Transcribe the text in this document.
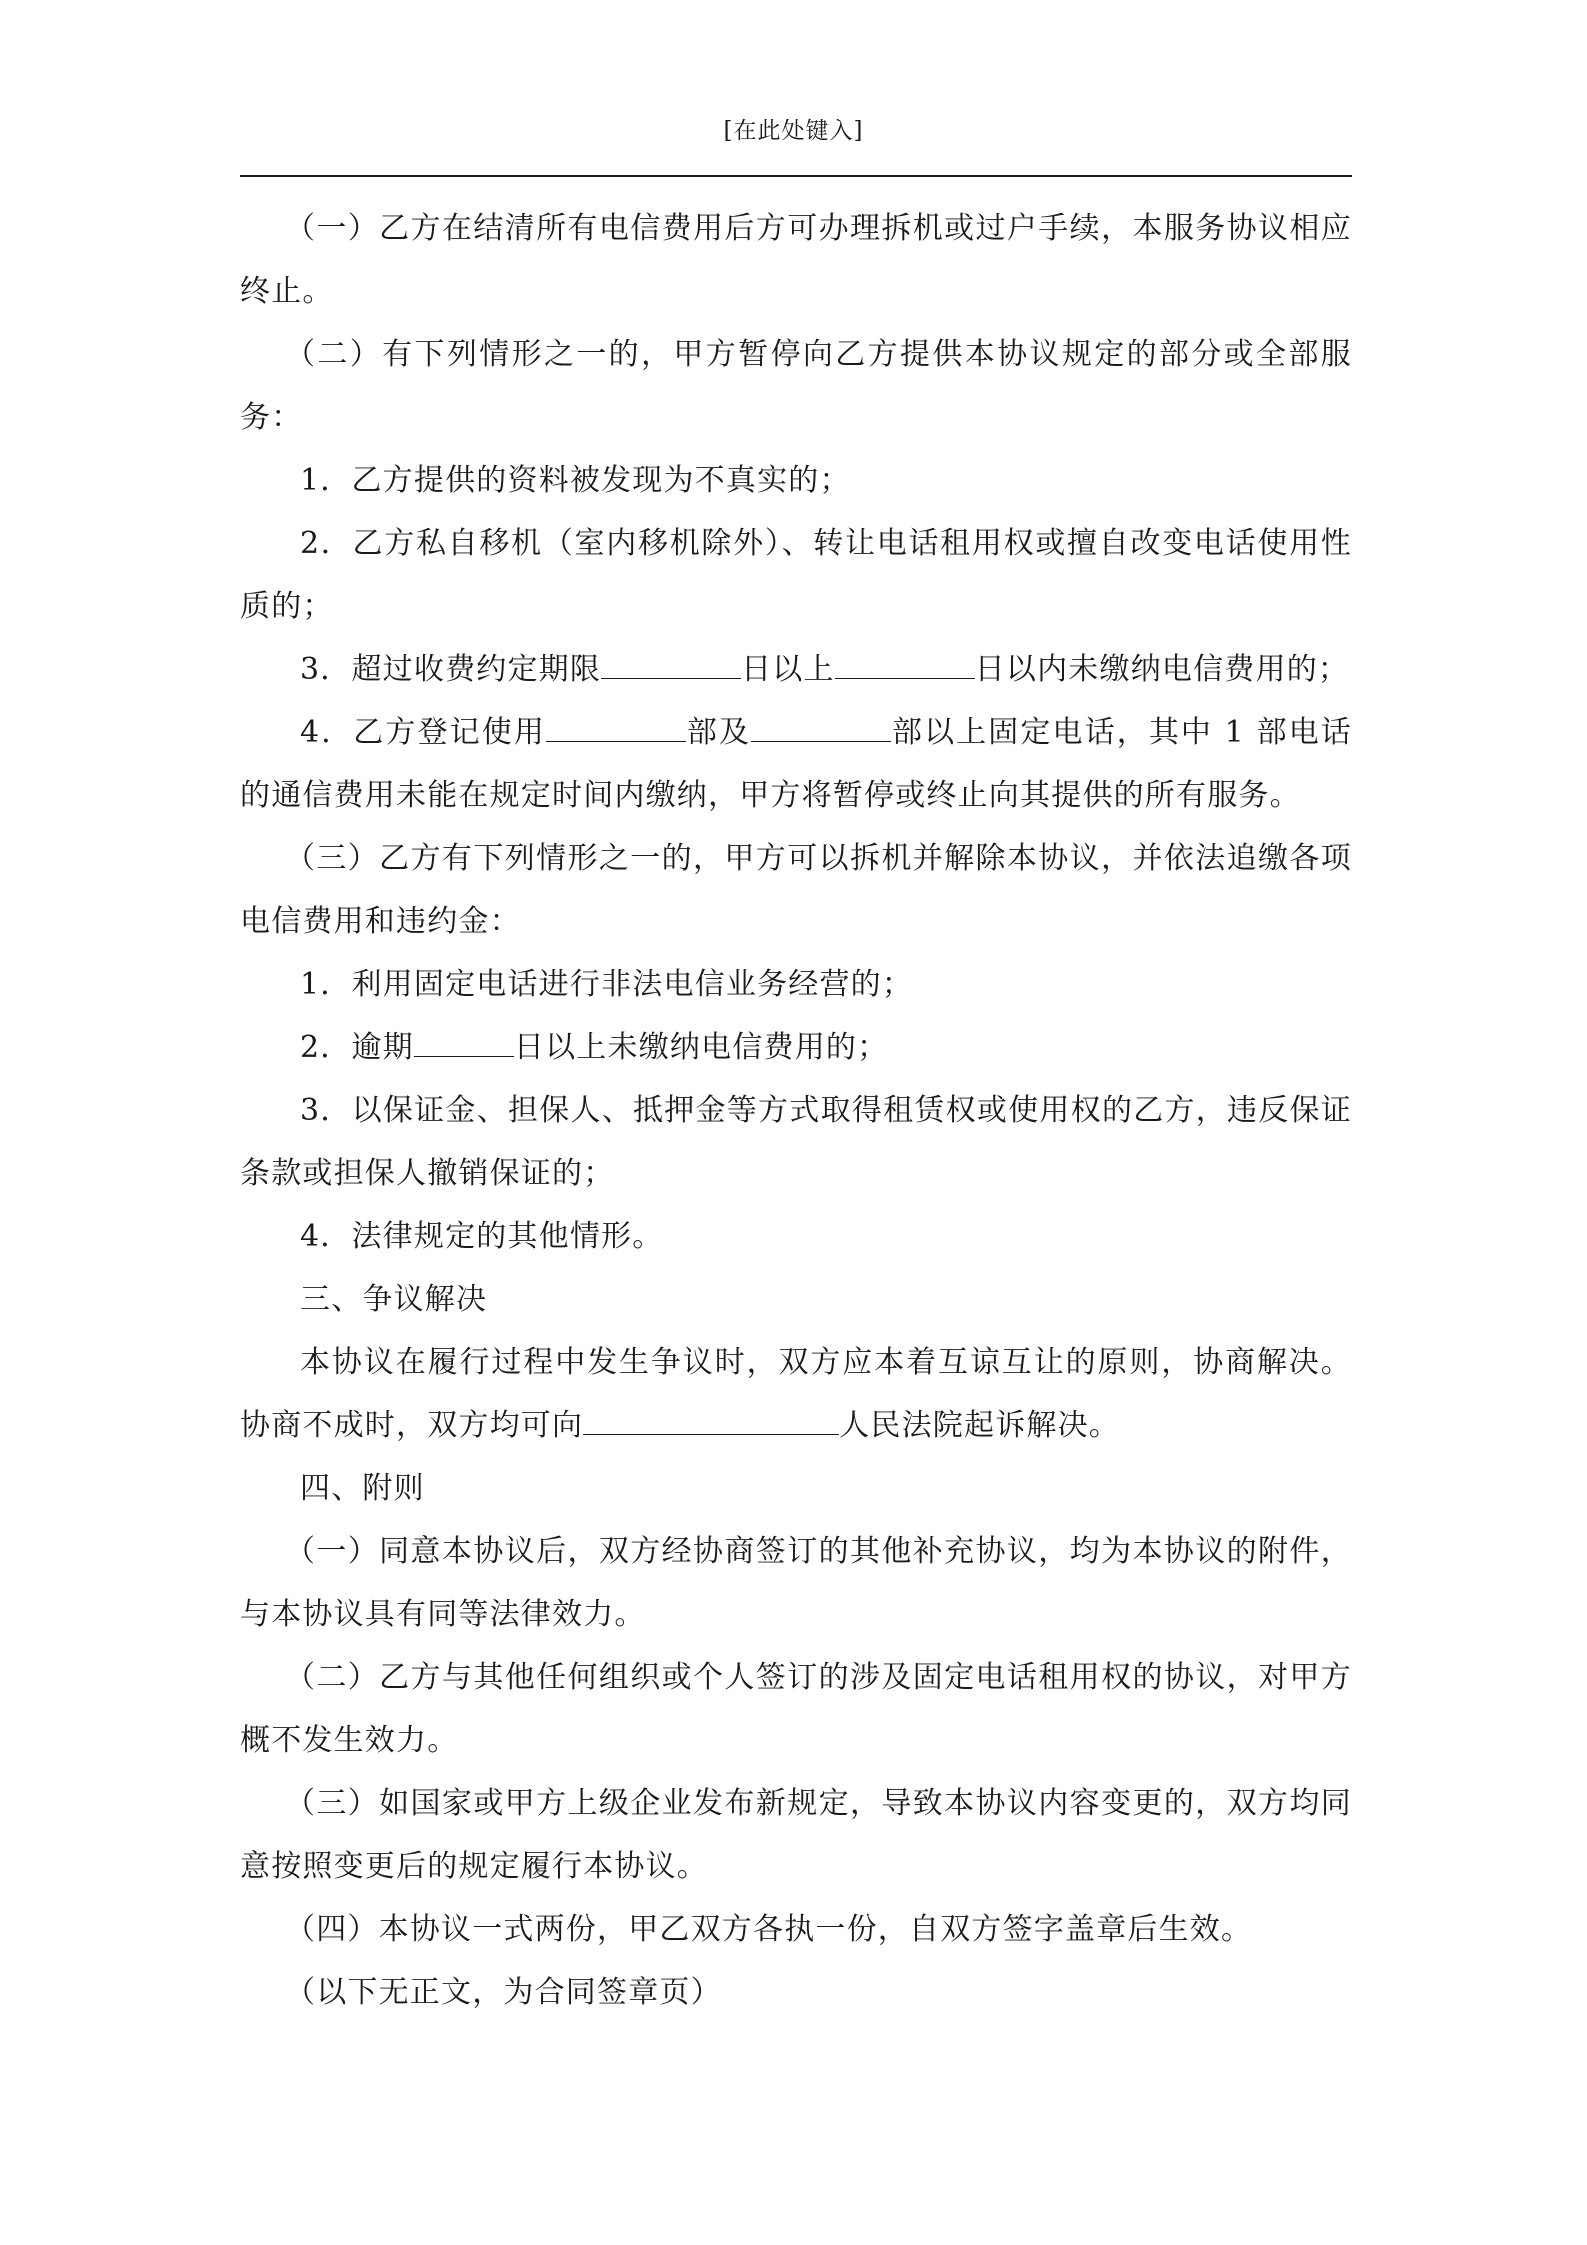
[在此处键入]

（一）乙方在结清所有电信费用后方可办理拆机或过户手续，本服务协议相应终止。

（二）有下列情形之一的，甲方暂停向乙方提供本协议规定的部分或全部服务：

1．乙方提供的资料被发现为不真实的；

2．乙方私自移机（室内移机除外）、转让电话租用权或擅自改变电话使用性质的；

3．超过收费约定期限	日以上	日以内未缴纳电信费用的；

4．乙方登记使用	部及	部以上固定电话，其中 1 部电话的通信费用未能在规定时间内缴纳，甲方将暂停或终止向其提供的所有服务。

（三）乙方有下列情形之一的，甲方可以拆机并解除本协议，并依法追缴各项电信费用和违约金：

1．利用固定电话进行非法电信业务经营的；

2．逾期	日以上未缴纳电信费用的；

3．以保证金、担保人、抵押金等方式取得租赁权或使用权的乙方，违反保证条款或担保人撤销保证的；

4．法律规定的其他情形。

三、争议解决

本协议在履行过程中发生争议时，双方应本着互谅互让的原则，协商解决。协商不成时，双方均可向	人民法院起诉解决。

四、附则

（一）同意本协议后，双方经协商签订的其他补充协议，均为本协议的附件，与本协议具有同等法律效力。

（二）乙方与其他任何组织或个人签订的涉及固定电话租用权的协议，对甲方概不发生效力。

（三）如国家或甲方上级企业发布新规定，导致本协议内容变更的，双方均同意按照变更后的规定履行本协议。

（四）本协议一式两份，甲乙双方各执一份，自双方签字盖章后生效。

（以下无正文，为合同签章页）
